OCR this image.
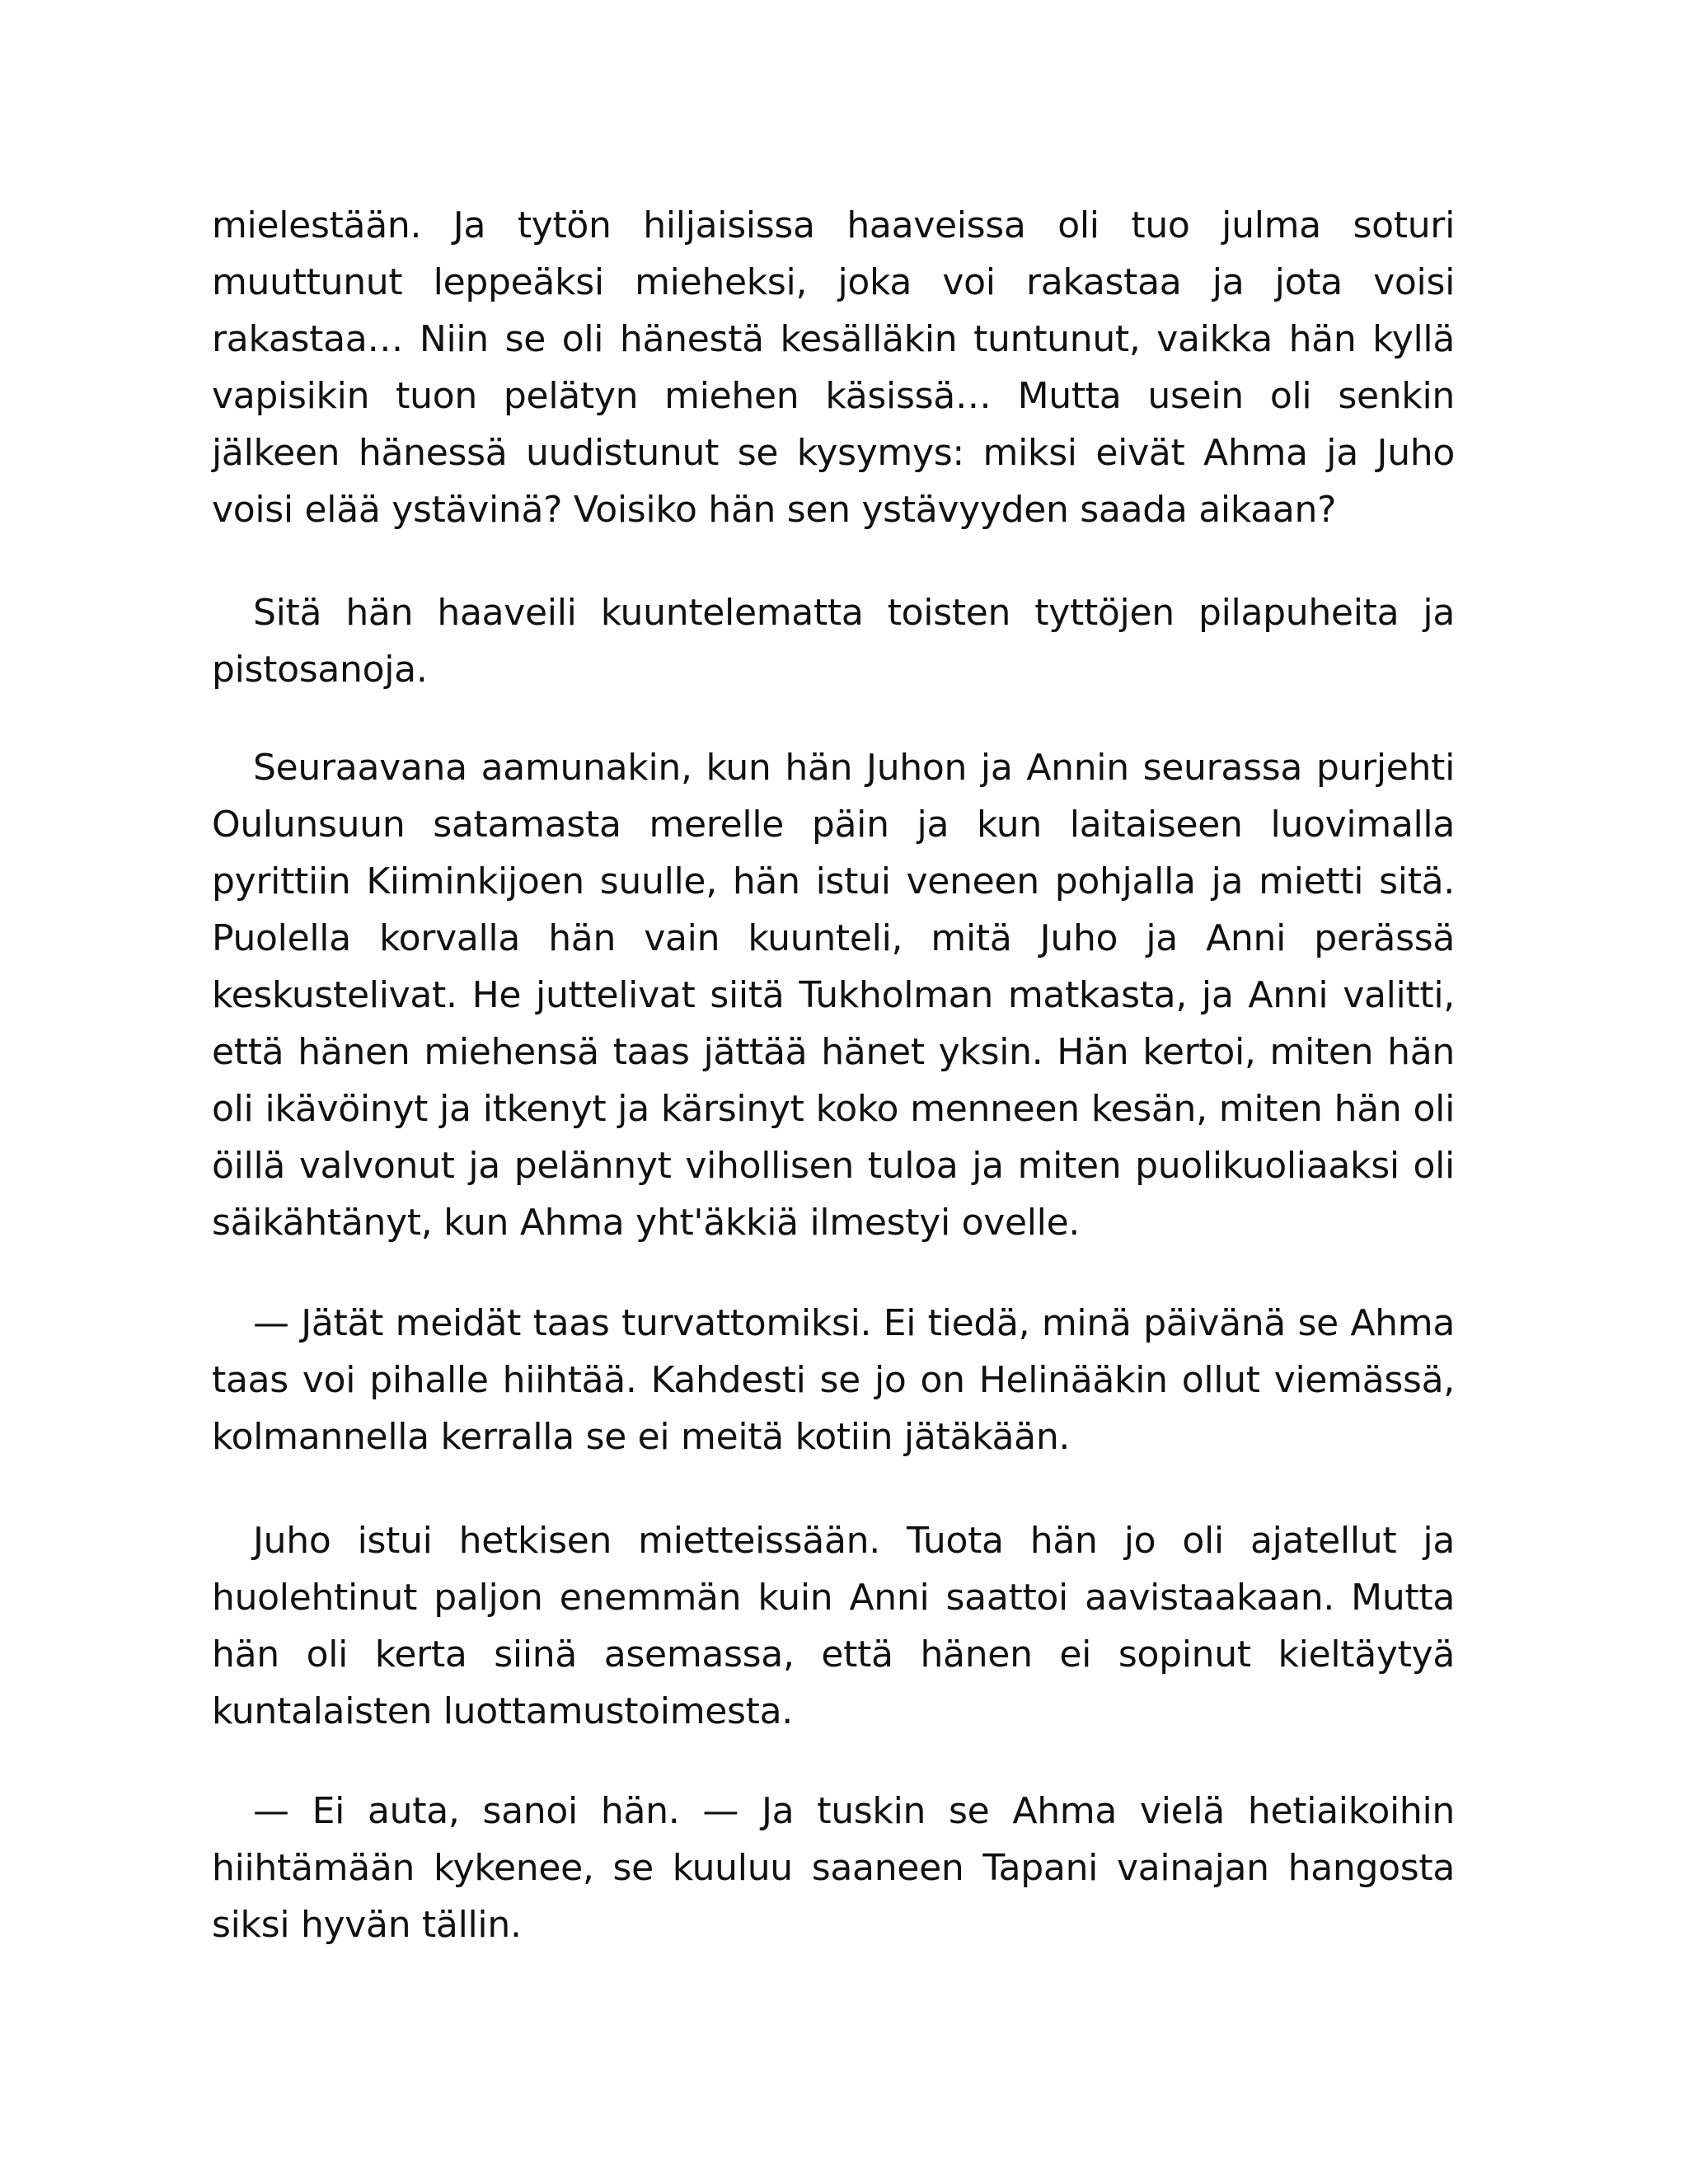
mielestään. Ja tytön hiljaisissa haaveissa oli tuo julma soturi
muuttunut leppeäksi mieheksi, joka voi rakastaa ja jota voisi
rakastaa… Niin se oli hänestä kesälläkin tuntunut, vaikka hän kyllä
vapisikin tuon pelätyn miehen käsissä… Mutta usein oli senkin
jälkeen hänessä uudistunut se kysymys: miksi eivät Ahma ja Juho
voisi elää ystävinä? Voisiko hän sen ystävyyden saada aikaan?
Sitä hän haaveili kuuntelematta toisten tyttöjen pilapuheita ja
pistosanoja.
Seuraavana aamunakin, kun hän Juhon ja Annin seurassa purjehti
Oulunsuun satamasta merelle päin ja kun laitaiseen luovimalla
pyrittiin Kiiminkijoen suulle, hän istui veneen pohjalla ja mietti sitä.
Puolella korvalla hän vain kuunteli, mitä Juho ja Anni perässä
keskustelivat. He juttelivat siitä Tukholman matkasta, ja Anni valitti,
että hänen miehensä taas jättää hänet yksin. Hän kertoi, miten hän
oli ikävöinyt ja itkenyt ja kärsinyt koko menneen kesän, miten hän oli
öillä valvonut ja pelännyt vihollisen tuloa ja miten puolikuoliaaksi oli
säikähtänyt, kun Ahma yht'äkkiä ilmestyi ovelle.
— Jätät meidät taas turvattomiksi. Ei tiedä, minä päivänä se Ahma
taas voi pihalle hiihtää. Kahdesti se jo on Helinääkin ollut viemässä,
kolmannella kerralla se ei meitä kotiin jätäkään.
Juho istui hetkisen mietteissään. Tuota hän jo oli ajatellut ja
huolehtinut paljon enemmän kuin Anni saattoi aavistaakaan. Mutta
hän oli kerta siinä asemassa, että hänen ei sopinut kieltäytyä
kuntalaisten luottamustoimesta.
— Ei auta, sanoi hän. — Ja tuskin se Ahma vielä hetiaikoihin
hiihtämään kykenee, se kuuluu saaneen Tapani vainajan hangosta
siksi hyvän tällin.
